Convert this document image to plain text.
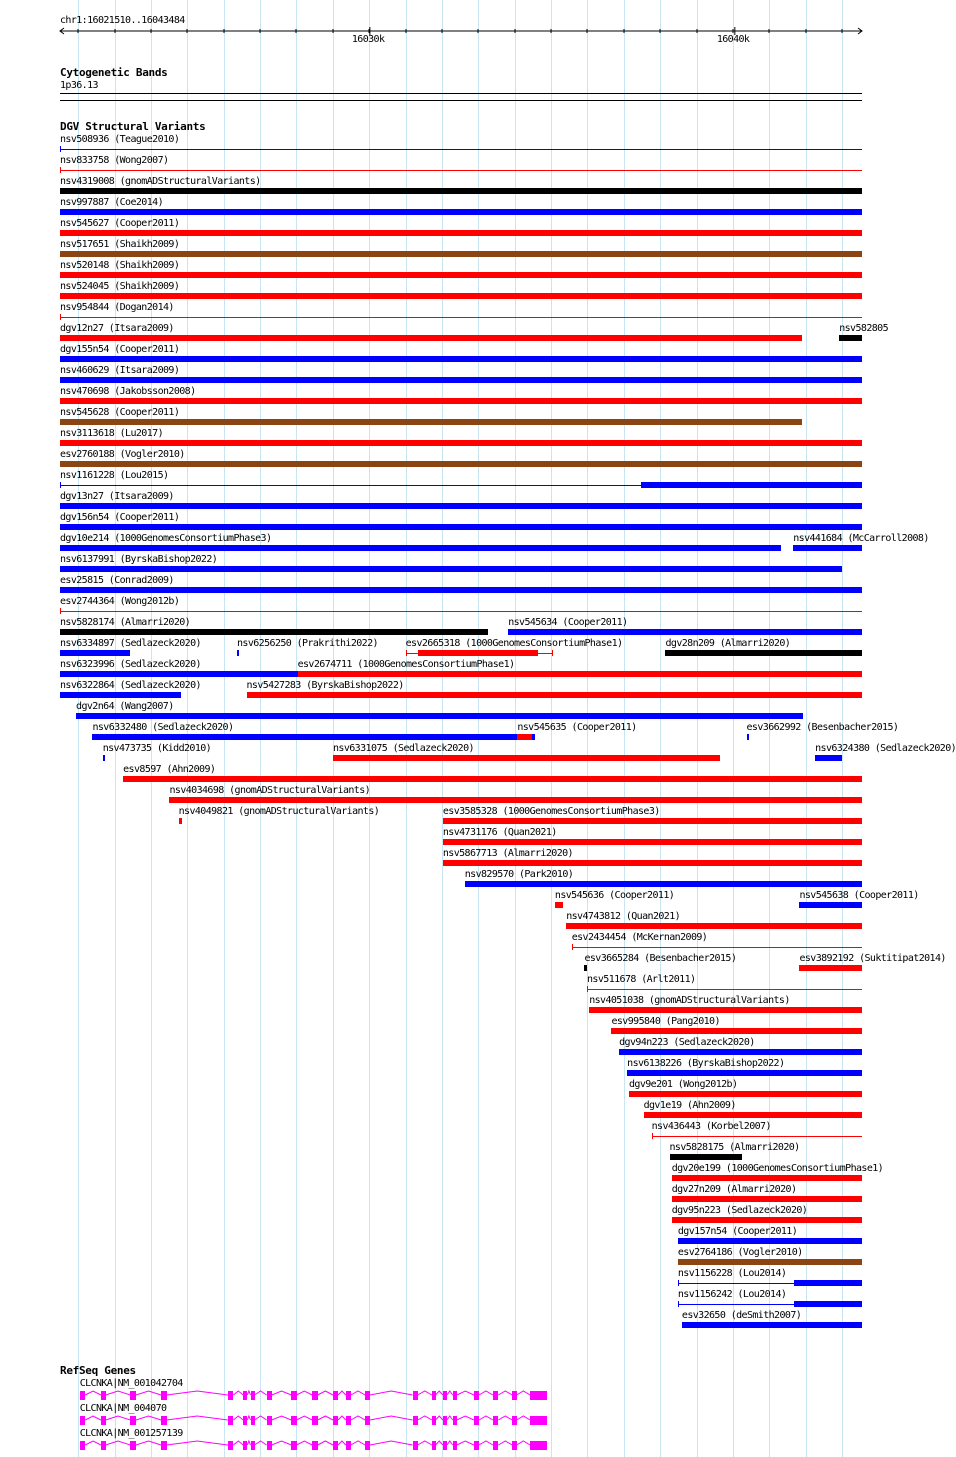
chr1:16021510..16043484
16030k	16040k
Cytogenetic Bands
1p36.13
DGV Structural Variants
nsv508936 (Teague2010)
nsv833758 (Wong2007)
nsv4319008 (gnomADStructuralVariants)
nsv997887 (Coe2014)
nsv545627 (Cooper2011)
nsv517651 (Shaikh2009)
nsv520148 (Shaikh2009)
nsv524045 (Shaikh2009)
nsv954844 (Dogan2014)
dgv12n27 (Itsara2009)	nsv582805
dgv155n54 (Cooper2011)
nsv460629 (Itsara2009)
nsv470698 (Jakobsson2008)
nsv545628 (Cooper2011)
nsv3113618 (Lu2017)
esv2760188 (Vogler2010)
nsv1161228 (Lou2015)
dgv13n27 (Itsara2009)
dgv156n54 (Cooper2011)
dgv10e214 (1000GenomesConsortiumPhase3)	nsv441684 (McCarroll2008)
nsv6137991 (ByrskaBishop2022)
esv25815 (Conrad2009)
esv2744364 (Wong2012b)
nsv5828174 (Almarri2020)	nsv545634 (Cooper2011)
nsv6334897 (Sedlazeck2020)	nsv6256250 (Prakrithi2022)	esv2665318 (1000GenomesConsortiumPhase1)	dgv28n209 (Almarri2020)
nsv6323996 (Sedlazeck2020)	esv2674711 (1000GenomesConsortiumPhase1)
nsv6322864 (Sedlazeck2020)	nsv5427283 (ByrskaBishop2022)
dgv2n64 (Wang2007)
nsv6332480 (Sedlazeck2020)	nsv545635 (Cooper2011)	esv3662992 (Besenbacher2015)
nsv473735 (Kidd2010)	nsv6331075 (Sedlazeck2020)	nsv6324380 (Sedlazeck2020)
esv8597 (Ahn2009)
nsv4034698 (gnomADStructuralVariants)
nsv4049821 (gnomADStructuralVariants)	esv3585328 (1000GenomesConsortiumPhase3)
nsv4731176 (Quan2021)
nsv5867713 (Almarri2020)
nsv829570 (Park2010)
nsv545636 (Cooper2011)	nsv545638 (Cooper2011)
nsv4743812 (Quan2021)
esv2434454 (McKernan2009)
esv3665284 (Besenbacher2015)	esv3892192 (Suktitipat2014)
nsv511678 (Arlt2011)
nsv4051038 (gnomADStructuralVariants)
esv995840 (Pang2010)
dgv94n223 (Sedlazeck2020)
nsv6138226 (ByrskaBishop2022)
dgv9e201 (Wong2012b)
dgv1e19 (Ahn2009)
nsv436443 (Korbel2007)
nsv5828175 (Almarri2020)
dgv20e199 (1000GenomesConsortiumPhase1)
dgv27n209 (Almarri2020)
dgv95n223 (Sedlazeck2020)
dgv157n54 (Cooper2011)
esv2764186 (Vogler2010)
nsv1156228 (Lou2014)
nsv1156242 (Lou2014)
esv32650 (deSmith2007)
RefSeq Genes
CLCNKA|NM_001042704
CLCNKA|NM_004070
CLCNKA|NM_001257139
